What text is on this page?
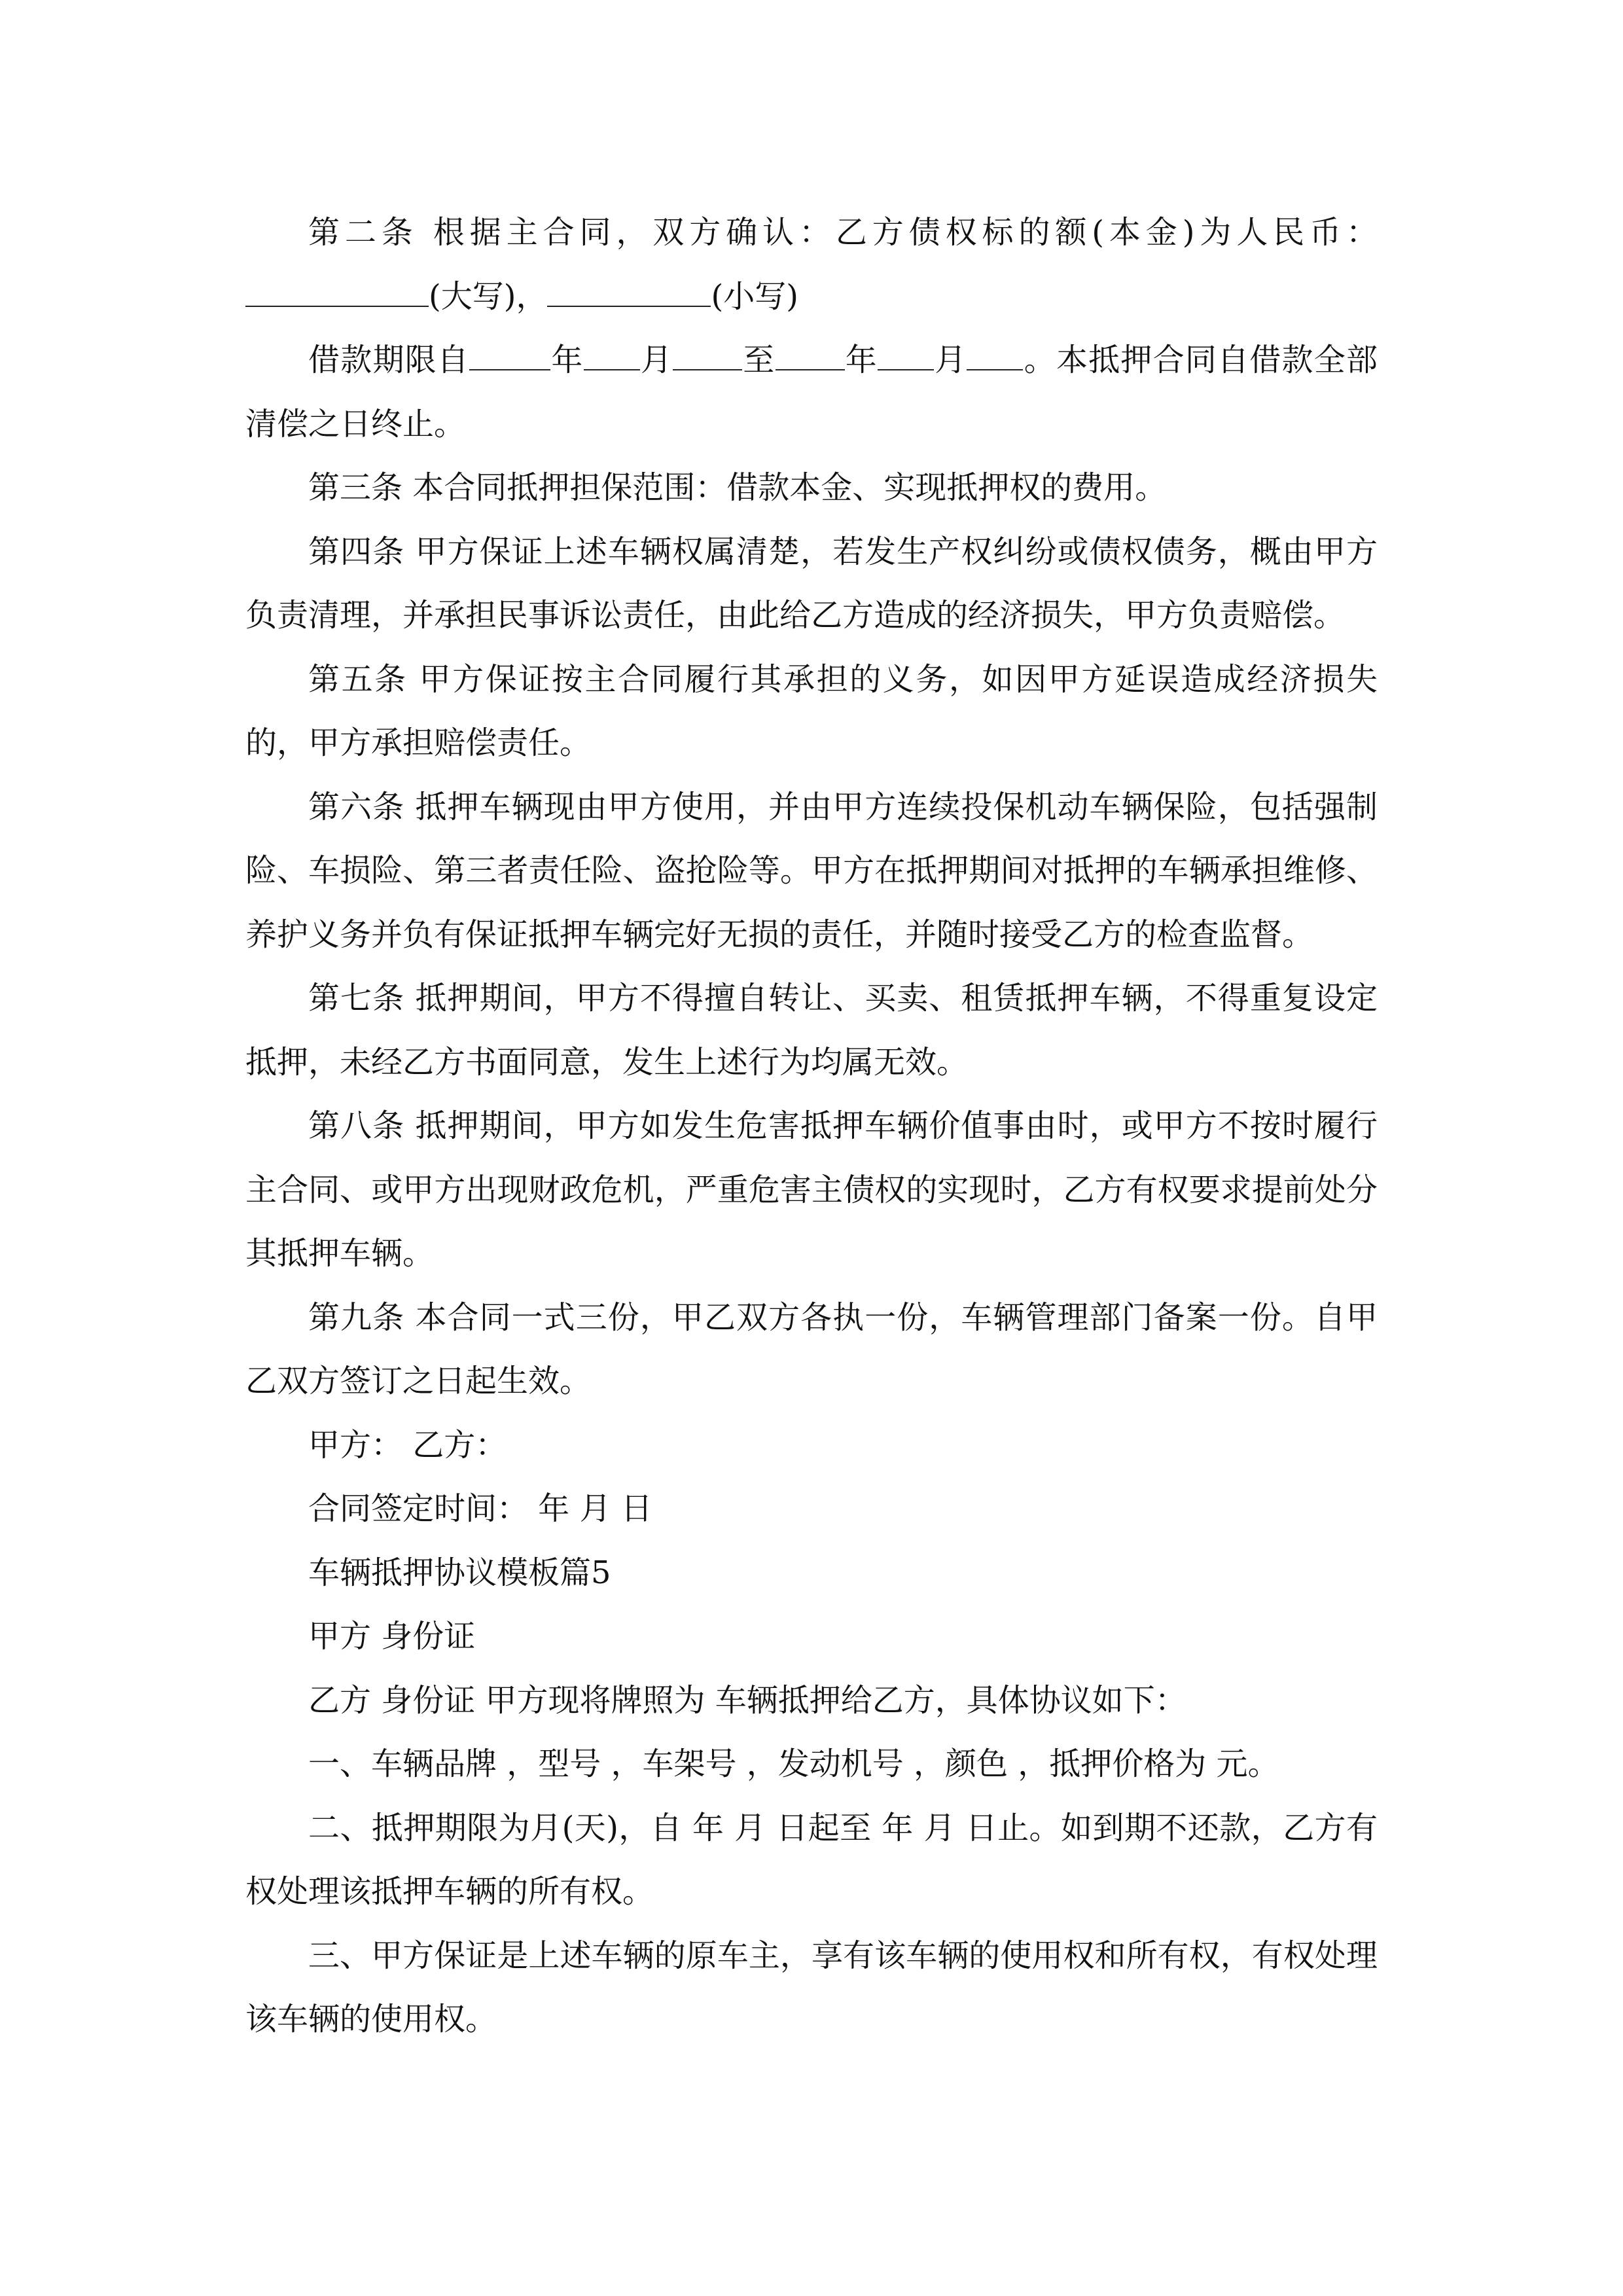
第二条 根据主合同，双方确认：乙方债权标的额(本金)为人民币：(大写)，	(小写)

借款期限自	年 月 至 年 月 。本抵押合同自借款全部清偿之日终止。

第三条 本合同抵押担保范围：借款本金、实现抵押权的费用。

第四条 甲方保证上述车辆权属清楚，若发生产权纠纷或债权债务，概由甲方负责清理，并承担民事诉讼责任，由此给乙方造成的经济损失，甲方负责赔偿。

第五条 甲方保证按主合同履行其承担的义务，如因甲方延误造成经济损失的，甲方承担赔偿责任。

第六条 抵押车辆现由甲方使用，并由甲方连续投保机动车辆保险，包括强制险、车损险、第三者责任险、盗抢险等。甲方在抵押期间对抵押的车辆承担维修、养护义务并负有保证抵押车辆完好无损的责任，并随时接受乙方的检查监督。

第七条 抵押期间，甲方不得擅自转让、买卖、租赁抵押车辆，不得重复设定抵押，未经乙方书面同意，发生上述行为均属无效。

第八条 抵押期间，甲方如发生危害抵押车辆价值事由时，或甲方不按时履行主合同、或甲方出现财政危机，严重危害主债权的实现时，乙方有权要求提前处分其抵押车辆。

第九条 本合同一式三份，甲乙双方各执一份，车辆管理部门备案一份。自甲乙双方签订之日起生效。

甲方： 乙方：

合同签定时间： 年 月 日

车辆抵押协议模板篇5

甲方 身份证

乙方 身份证 甲方现将牌照为 车辆抵押给乙方，具体协议如下：

一、车辆品牌 ，型号 ，车架号 ，发动机号 ，颜色 ，抵押价格为 元。

二、抵押期限为月(天)，自 年 月 日起至 年 月 日止。如到期不还款，乙方有权处理该抵押车辆的所有权。

三、甲方保证是上述车辆的原车主，享有该车辆的使用权和所有权，有权处理该车辆的使用权。
